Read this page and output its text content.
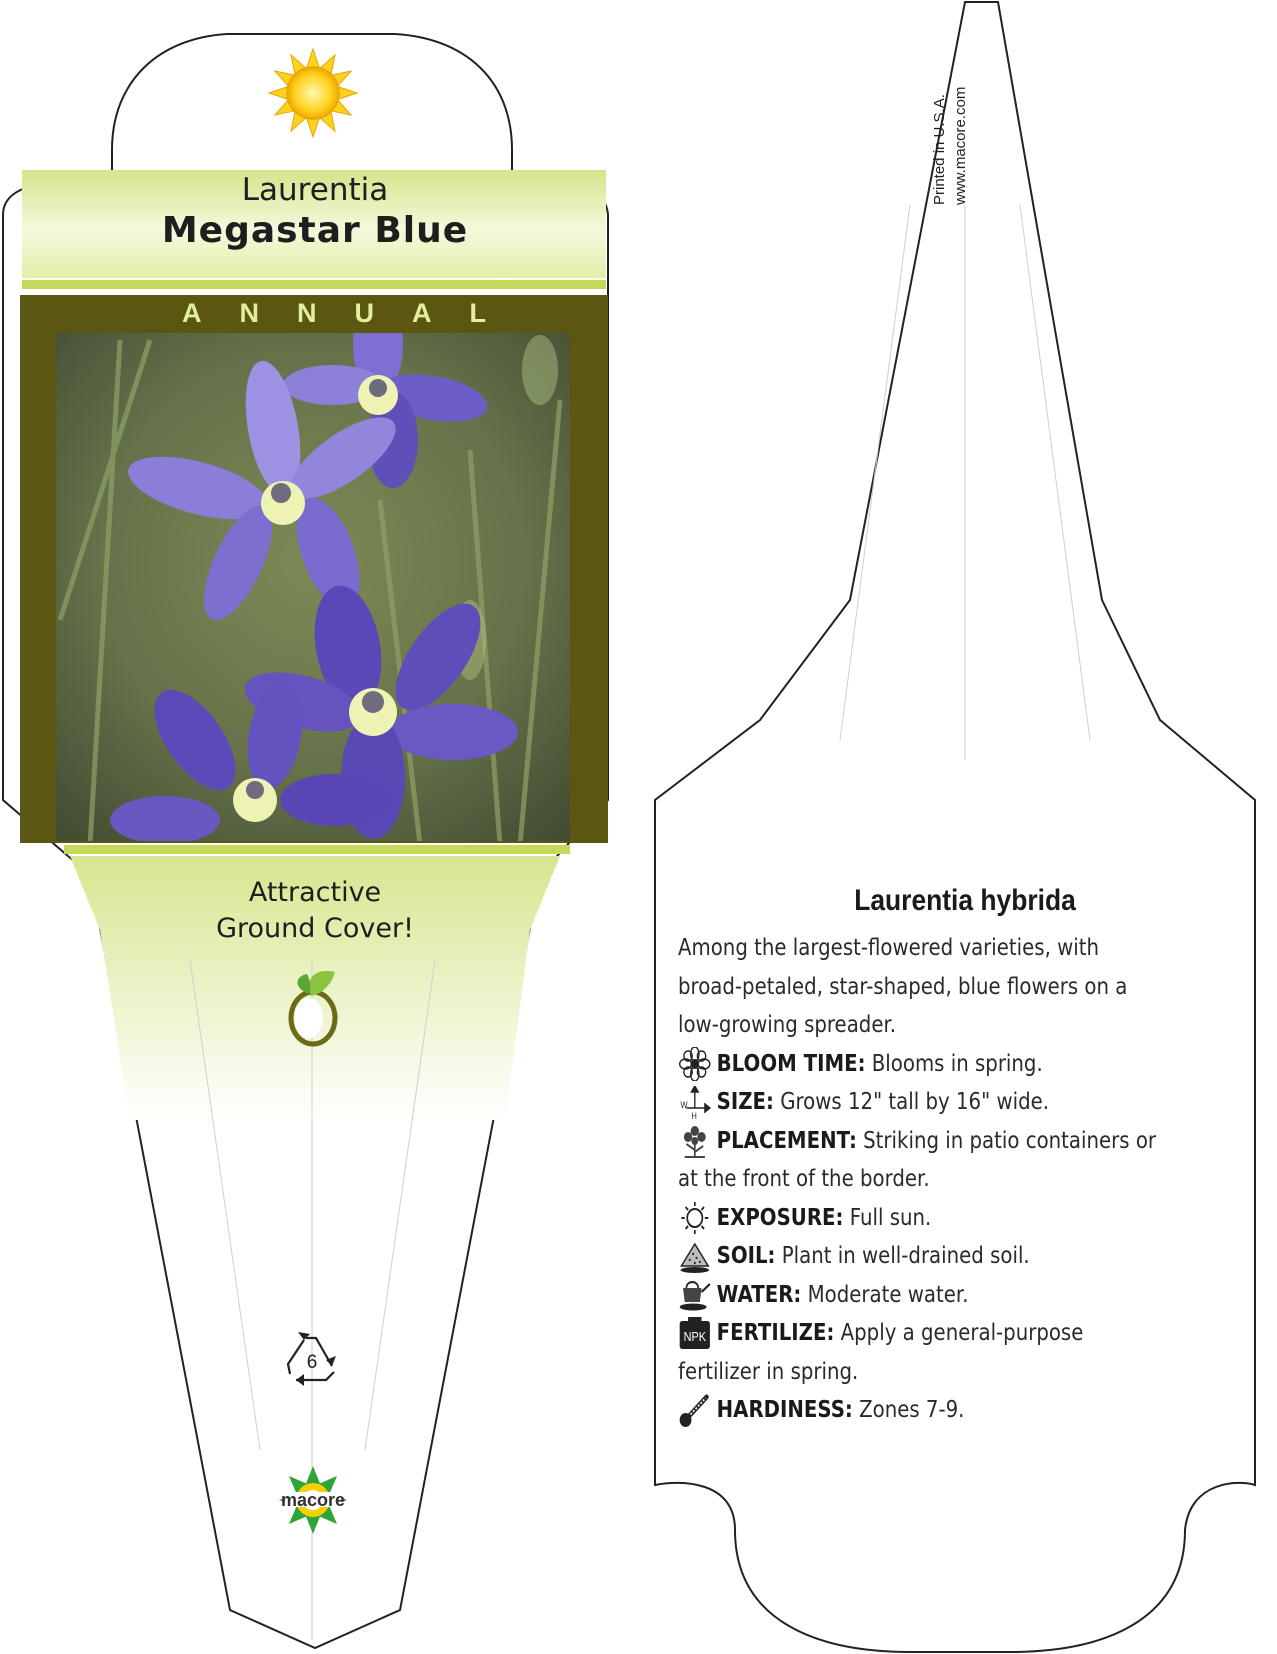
Laurentia
Megastar Blue
ANNUAL
Attractive
Ground Cover!
6
macore
Printed in U.S.A. www.macore.com
Laurentia hybrida

Among the largest-flowered varieties, with broad-petaled, star-shaped, blue flowers on a low-growing spreader.

BLOOM TIME: Blooms in spring.
W
H
SIZE: Grows 12" tall by 16" wide.
PLACEMENT: Striking in patio containers or at the front of the border.
EXPOSURE: Full sun.
SOIL: Plant in well-drained soil.
WATER: Moderate water.
NPK FERTILIZE: Apply a general-purpose fertilizer in spring.
HARDINESS: Zones 7-9.
